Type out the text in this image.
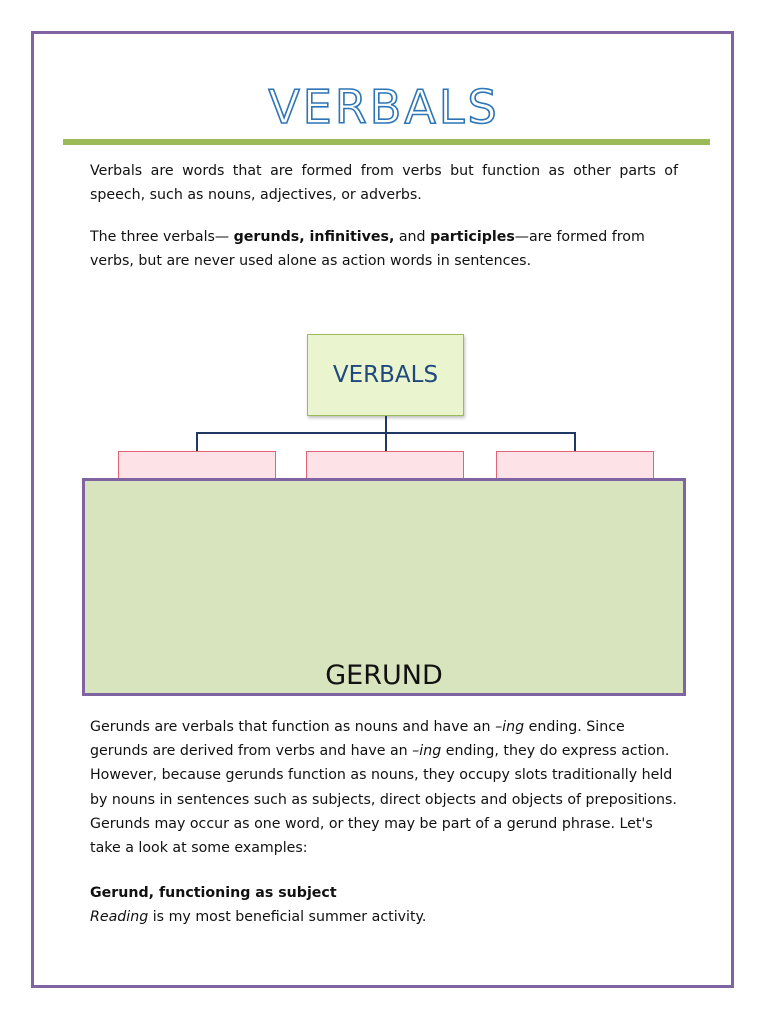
VERBALS

Verbals are words that are formed from verbs but function as other parts of speech, such as nouns, adjectives, or adverbs.

The three verbals— gerunds, infinitives, and participles—are formed from verbs, but are never used alone as action words in sentences.

VERBALS
GERUND

Gerunds are verbals that function as nouns and have an –ing ending. Since gerunds are derived from verbs and have an –ing ending, they do express action. However, because gerunds function as nouns, they occupy slots traditionally held by nouns in sentences such as subjects, direct objects and objects of prepositions. Gerunds may occur as one word, or they may be part of a gerund phrase. Let's take a look at some examples:

Gerund, functioning as subject

Reading is my most beneficial summer activity.
